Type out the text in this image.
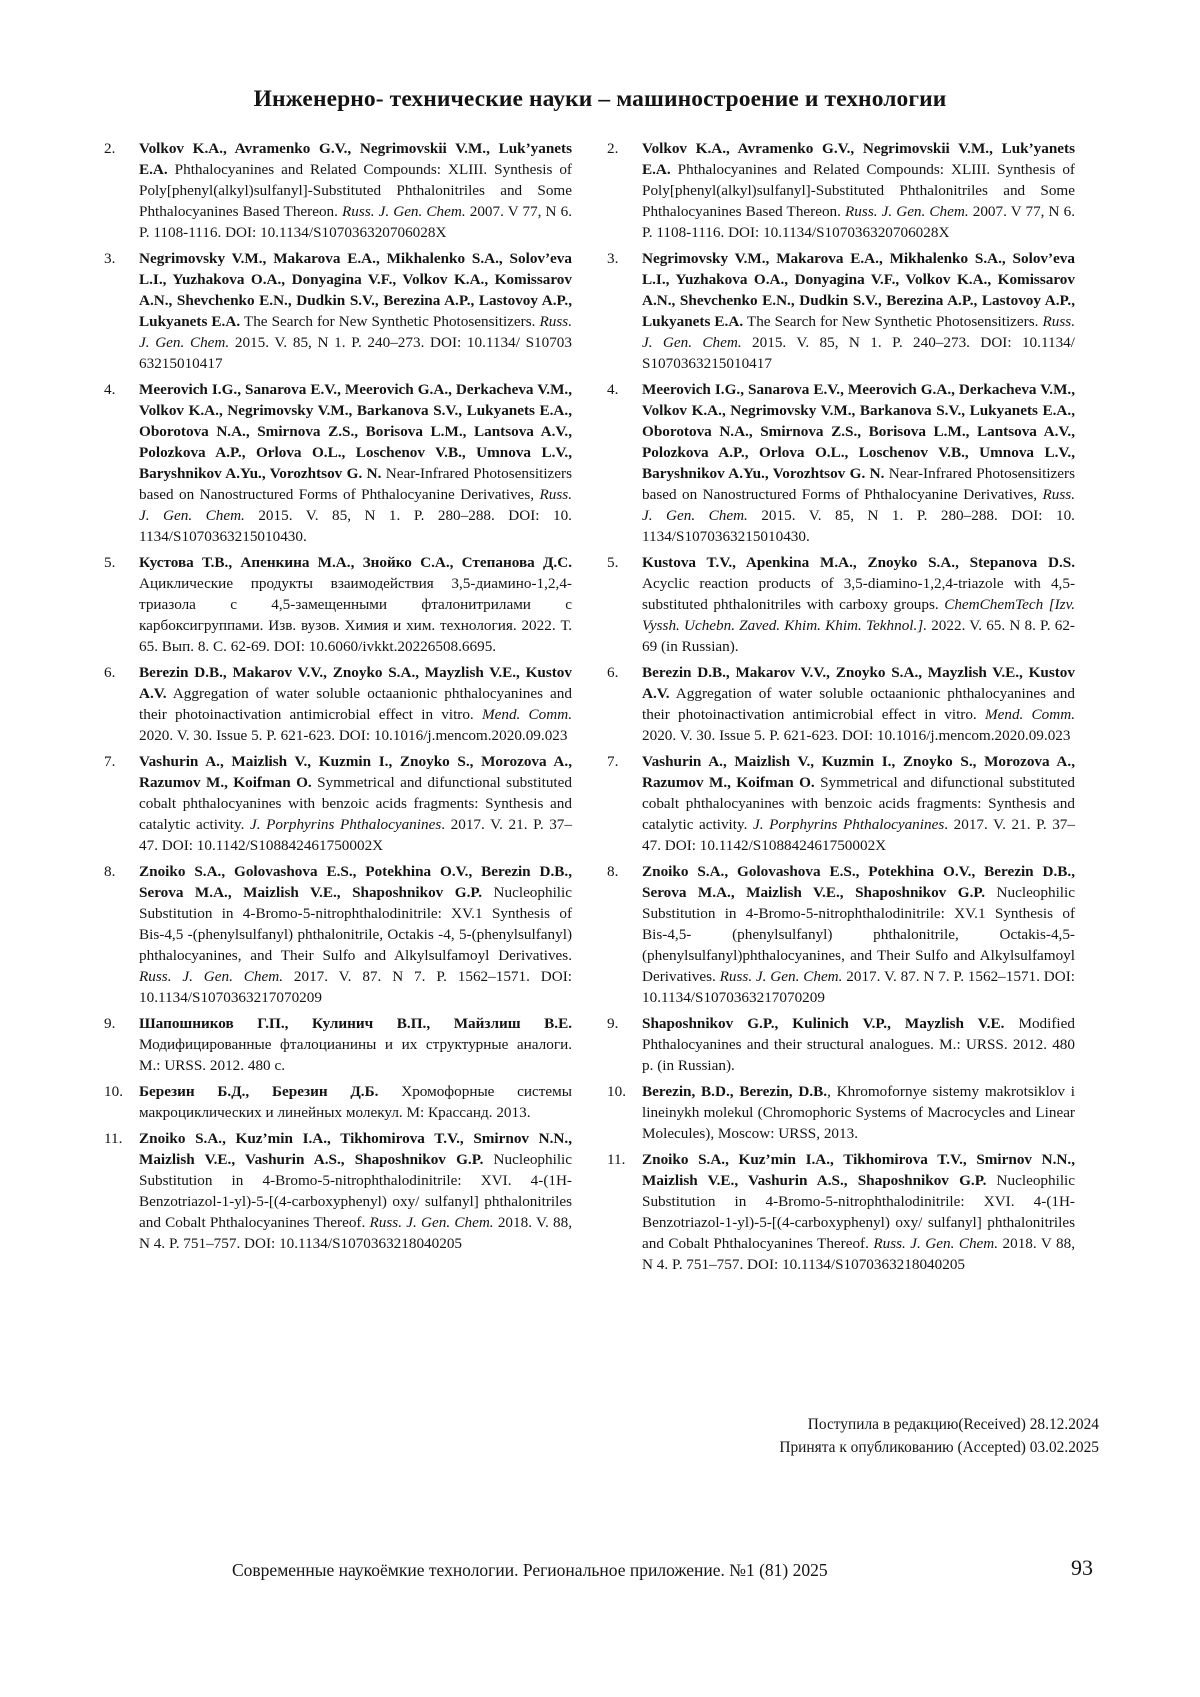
Инженерно- технические науки – машиностроение и технологии
2. Volkov K.A., Avramenko G.V., Negrimovskii V.M., Luk’yanets E.A. Phthalocyanines and Related Compounds: XLIII. Synthesis of Poly[phenyl(alkyl)sulfanyl]-Substituted Phthalonitriles and Some Phthalocyanines Based Thereon. Russ. J. Gen. Chem. 2007. V 77, N 6. P. 1108-1116. DOI: 10.1134/S107036320706028X
3. Negrimovsky V.M., Makarova E.A., Mikhalenko S.A., Solov’eva L.I., Yuzhakova O.A., Donyagina V.F., Volkov K.A., Komissarov A.N., Shevchenko E.N., Dudkin S.V., Berezina A.P., Lastovoy A.P., Lukyanets E.A. The Search for New Synthetic Photosensitizers. Russ. J. Gen. Chem. 2015. V. 85, N 1. P. 240–273. DOI: 10.1134/ S10703 63215010417
4. Meerovich I.G., Sanarova E.V., Meerovich G.A., Derkacheva V.M., Volkov K.A., Negrimovsky V.M., Barkanova S.V., Lukyanets E.A., Oborotova N.A., Smirnova Z.S., Borisova L.M., Lantsova A.V., Polozkova A.P., Orlova O.L., Loschenov V.B., Umnova L.V., Baryshnikov A.Yu., Vorozhtsov G. N. Near-Infrared Photosensitizers based on Nanostructured Forms of Phthalocyanine Derivatives, Russ. J. Gen. Chem. 2015. V. 85, N 1. P. 280–288. DOI: 10. 1134/S1070363215010430.
5. Кустова Т.В., Апенкина М.А., Знойко С.А., Степанова Д.С. Ациклические продукты взаимодействия 3,5-диамино-1,2,4-триазола с 4,5-замещенными фталонитрилами с карбоксигруппами. Изв. вузов. Химия и хим. технология. 2022. Т. 65. Вып. 8. С. 62-69. DOI: 10.6060/ivkkt.20226508.6695.
6. Berezin D.B., Makarov V.V., Znoyko S.A., Mayzlish V.E., Kustov A.V. Aggregation of water soluble octaanionic phthalocyanines and their photoinactivation antimicrobial effect in vitro. Mend. Comm. 2020. V. 30. Issue 5. P. 621-623. DOI: 10.1016/j.mencom.2020.09.023
7. Vashurin A., Maizlish V., Kuzmin I., Znoyko S., Morozova A., Razumov M., Koifman O. Symmetrical and difunctional substituted cobalt phthalocyanines with benzoic acids fragments: Synthesis and catalytic activity. J. Porphyrins Phthalocyanines. 2017. V. 21. P. 37–47. DOI: 10.1142/S108842461750002X
8. Znoiko S.A., Golovashova E.S., Potekhina O.V., Berezin D.B., Serova M.A., Maizlish V.E., Shaposhnikov G.P. Nucleophilic Substitution in 4-Bromo-5-nitrophthalodinitrile: XV.1 Synthesis of Bis-4,5 -(phenylsulfanyl) phthalonitrile, Octakis -4, 5-(phenylsulfanyl) phthalocyanines, and Their Sulfo and Alkylsulfamoyl Derivatives. Russ. J. Gen. Chem. 2017. V. 87. N 7. P. 1562–1571. DOI: 10.1134/S1070363217070209
9. Шапошников Г.П., Кулинич В.П., Майзлиш В.Е. Модифицированные фталоцианины и их структурные аналоги. М.: URSS. 2012. 480 с.
10. Березин Б.Д., Березин Д.Б. Хромофорные системы макроциклических и линейных молекул. М: Крассанд. 2013.
11. Znoiko S.A., Kuz’min I.A., Tikhomirova T.V., Smirnov N.N., Maizlish V.E., Vashurin A.S., Shaposhnikov G.P. Nucleophilic Substitution in 4-Bromo-5-nitrophthalodinitrile: XVI. 4-(1H-Benzotriazol-1-yl)-5-[(4-carboxyphenyl) oxy/ sulfanyl] phthalonitriles and Cobalt Phthalocyanines Thereof. Russ. J. Gen. Chem. 2018. V. 88, N 4. P. 751–757. DOI: 10.1134/S1070363218040205
2. Volkov K.A., Avramenko G.V., Negrimovskii V.M., Luk’yanets E.A. Phthalocyanines and Related Compounds: XLIII. Synthesis of Poly[phenyl(alkyl)sulfanyl]-Substituted Phthalonitriles and Some Phthalocyanines Based Thereon. Russ. J. Gen. Chem. 2007. V 77, N 6. P. 1108-1116. DOI: 10.1134/S107036320706028X
3. Negrimovsky V.M., Makarova E.A., Mikhalenko S.A., Solov’eva L.I., Yuzhakova O.A., Donyagina V.F., Volkov K.A., Komissarov A.N., Shevchenko E.N., Dudkin S.V., Berezina A.P., Lastovoy A.P., Lukyanets E.A. The Search for New Synthetic Photosensitizers. Russ. J. Gen. Chem. 2015. V. 85, N 1. P. 240–273. DOI: 10.1134/ S1070363215010417
4. Meerovich I.G., Sanarova E.V., Meerovich G.A., Derkacheva V.M., Volkov K.A., Negrimovsky V.M., Barkanova S.V., Lukyanets E.A., Oborotova N.A., Smirnova Z.S., Borisova L.M., Lantsova A.V., Polozkova A.P., Orlova O.L., Loschenov V.B., Umnova L.V., Baryshnikov A.Yu., Vorozhtsov G. N. Near-Infrared Photosensitizers based on Nanostructured Forms of Phthalocyanine Derivatives, Russ. J. Gen. Chem. 2015. V. 85, N 1. P. 280–288. DOI: 10. 1134/S1070363215010430.
5. Kustova T.V., Apenkina M.A., Znoyko S.A., Stepanova D.S. Acyclic reaction products of 3,5-diamino-1,2,4-triazole with 4,5-substituted phthalonitriles with carboxy groups. ChemChemTech [Izv. Vyssh. Uchebn. Zaved. Khim. Khim. Tekhnol.]. 2022. V. 65. N 8. P. 62-69 (in Russian).
6. Berezin D.B., Makarov V.V., Znoyko S.A., Mayzlish V.E., Kustov A.V. Aggregation of water soluble octaanionic phthalocyanines and their photoinactivation antimicrobial effect in vitro. Mend. Comm. 2020. V. 30. Issue 5. P. 621-623. DOI: 10.1016/j.mencom.2020.09.023
7. Vashurin A., Maizlish V., Kuzmin I., Znoyko S., Morozova A., Razumov M., Koifman O. Symmetrical and difunctional substituted cobalt phthalocyanines with benzoic acids fragments: Synthesis and catalytic activity. J. Porphyrins Phthalocyanines. 2017. V. 21. P. 37–47. DOI: 10.1142/S108842461750002X
8. Znoiko S.A., Golovashova E.S., Potekhina O.V., Berezin D.B., Serova M.A., Maizlish V.E., Shaposhnikov G.P. Nucleophilic Substitution in 4-Bromo-5-nitrophthalodinitrile: XV.1 Synthesis of Bis-4,5- (phenylsulfanyl) phthalonitrile, Octakis-4,5-(phenylsulfanyl)phthalocyanines, and Their Sulfo and Alkylsulfamoyl Derivatives. Russ. J. Gen. Chem. 2017. V. 87. N 7. P. 1562–1571. DOI: 10.1134/S1070363217070209
9. Shaposhnikov G.P., Kulinich V.P., Mayzlish V.E. Modified Phthalocyanines and their structural analogues. M.: URSS. 2012. 480 p. (in Russian).
10. Berezin, B.D., Berezin, D.B., Khromofornye sistemy makrotsiklov i lineinykh molekul (Chromophoric Systems of Macrocycles and Linear Molecules), Moscow: URSS, 2013.
11. Znoiko S.A., Kuz’min I.A., Tikhomirova T.V., Smirnov N.N., Maizlish V.E., Vashurin A.S., Shaposhnikov G.P. Nucleophilic Substitution in 4-Bromo-5-nitrophthalodinitrile: XVI. 4-(1H-Benzotriazol-1-yl)-5-[(4-carboxyphenyl) oxy/ sulfanyl] phthalonitriles and Cobalt Phthalocyanines Thereof. Russ. J. Gen. Chem. 2018. V 88, N 4. P. 751–757. DOI: 10.1134/S1070363218040205
Поступила в редакцию(Received) 28.12.2024
Принята к опубликованию (Accepted) 03.02.2025
Современные наукоёмкие технологии. Региональное приложение. №1 (81) 2025	93
